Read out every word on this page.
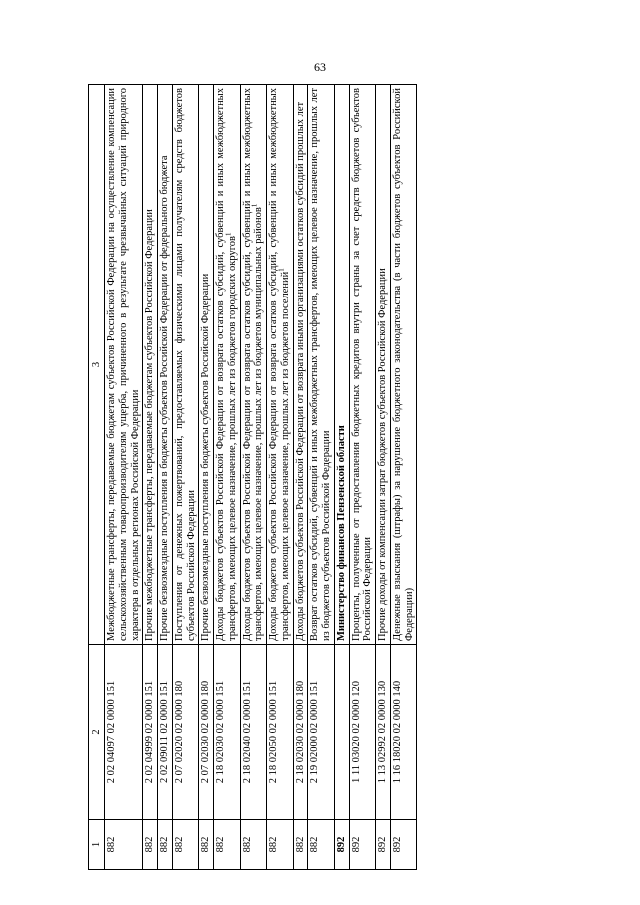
63
1	2	3
882	2 02 04097 02 0000 151	Межбюджетные трансферты, передаваемые бюджетам субъектов Российской Федерации на осуществление компенсации сельскохозяйственным товаропроизводителям ущерба, причиненного в результате чрезвычайных ситуаций природного характера в отдельных регионах Российской Федерации
882	2 02 04999 02 0000 151	Прочие межбюджетные трансферты, передаваемые бюджетам субъектов Российской Федерации
882	2 02 09011 02 0000 151	Прочие безвозмездные поступления в бюджеты субъектов Российской Федерации от федерального бюджета
882	2 07 02020 02 0000 180	Поступления от денежных пожертвований, предоставляемых физическими лицами получателям средств бюджетов субъектов Российской Федерации
882	2 07 02030 02 0000 180	Прочие безвозмездные поступления в бюджеты субъектов Российской Федерации
882	2 18 02030 02 0000 151	Доходы бюджетов субъектов Российской Федерации от возврата остатков субсидий, субвенций и иных межбюджетных трансфертов, имеющих целевое назначение, прошлых лет из бюджетов городских округов$^1$
882	2 18 02040 02 0000 151	Доходы бюджетов субъектов Российской Федерации от возврата остатков субсидий, субвенций и иных межбюджетных трансфертов, имеющих целевое назначение, прошлых лет из бюджетов муниципальных районов$^1$
882	2 18 02050 02 0000 151	Доходы бюджетов субъектов Российской Федерации от возврата остатков субсидий, субвенций и иных межбюджетных трансфертов, имеющих целевое назначение, прошлых лет из бюджетов поселений$^1$
882	2 18 02030 02 0000 180	Доходы бюджетов субъектов Российской Федерации от возврата иными организациями остатков субсидий прошлых лет
882	2 19 02000 02 0000 151	Возврат остатков субсидий, субвенций и иных межбюджетных трансфертов, имеющих целевое назначение, прошлых лет из бюджетов субъектов Российской Федерации
892		Министерство финансов Пензенской области
892	1 11 03020 02 0000 120	Проценты, полученные от предоставления бюджетных кредитов внутри страны за счет средств бюджетов субъектов Российской Федерации
892	1 13 02992 02 0000 130	Прочие доходы от компенсации затрат бюджетов субъектов Российской Федерации
892	1 16 18020 02 0000 140	Денежные взыскания (штрафы) за нарушение бюджетного законодательства (в части бюджетов субъектов Российской Федерации)
